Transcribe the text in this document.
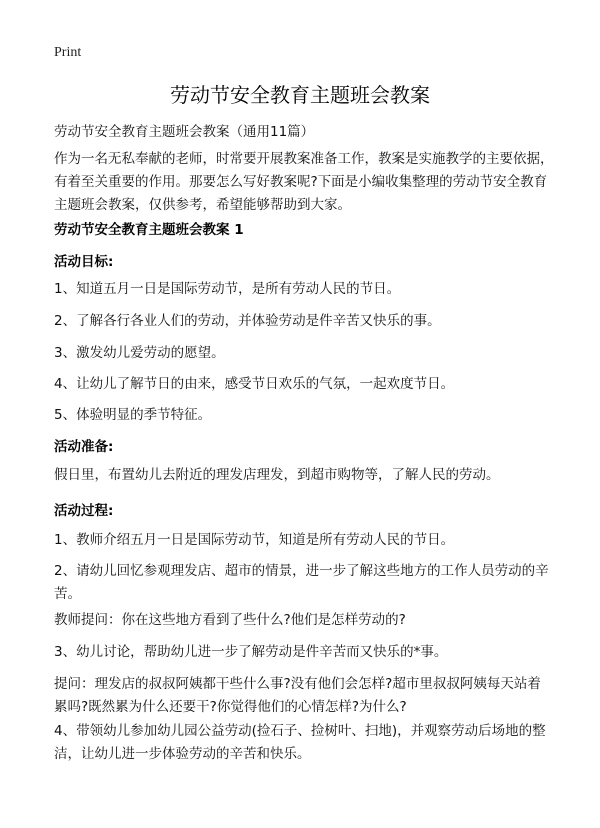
Print
劳动节安全教育主题班会教案
劳动节安全教育主题班会教案（通用11篇）

作为一名无私奉献的老师，时常要开展教案准备工作，教案是实施教学的主要依据，有着至关重要的作用。那要怎么写好教案呢?下面是小编收集整理的劳动节安全教育主题班会教案，仅供参考，希望能够帮助到大家。

劳动节安全教育主题班会教案 1
活动目标:

1、知道五月一日是国际劳动节，是所有劳动人民的节日。

2、了解各行各业人们的劳动，并体验劳动是件辛苦又快乐的事。

3、激发幼儿爱劳动的愿望。

4、让幼儿了解节日的由来，感受节日欢乐的气氛，一起欢度节日。

5、体验明显的季节特征。

活动准备:

假日里，布置幼儿去附近的理发店理发，到超市购物等，了解人民的劳动。

活动过程:

1、教师介绍五月一日是国际劳动节，知道是所有劳动人民的节日。

2、请幼儿回忆参观理发店、超市的情景，进一步了解这些地方的工作人员劳动的辛苦。

教师提问：你在这些地方看到了些什么?他们是怎样劳动的?

3、幼儿讨论，帮助幼儿进一步了解劳动是件辛苦而又快乐的*事。

提问：理发店的叔叔阿姨都干些什么事?没有他们会怎样?超市里叔叔阿姨每天站着累吗?既然累为什么还要干?你觉得他们的心情怎样?为什么?

4、带领幼儿参加幼儿园公益劳动(捡石子、捡树叶、扫地)，并观察劳动后场地的整洁，让幼儿进一步体验劳动的辛苦和快乐。
